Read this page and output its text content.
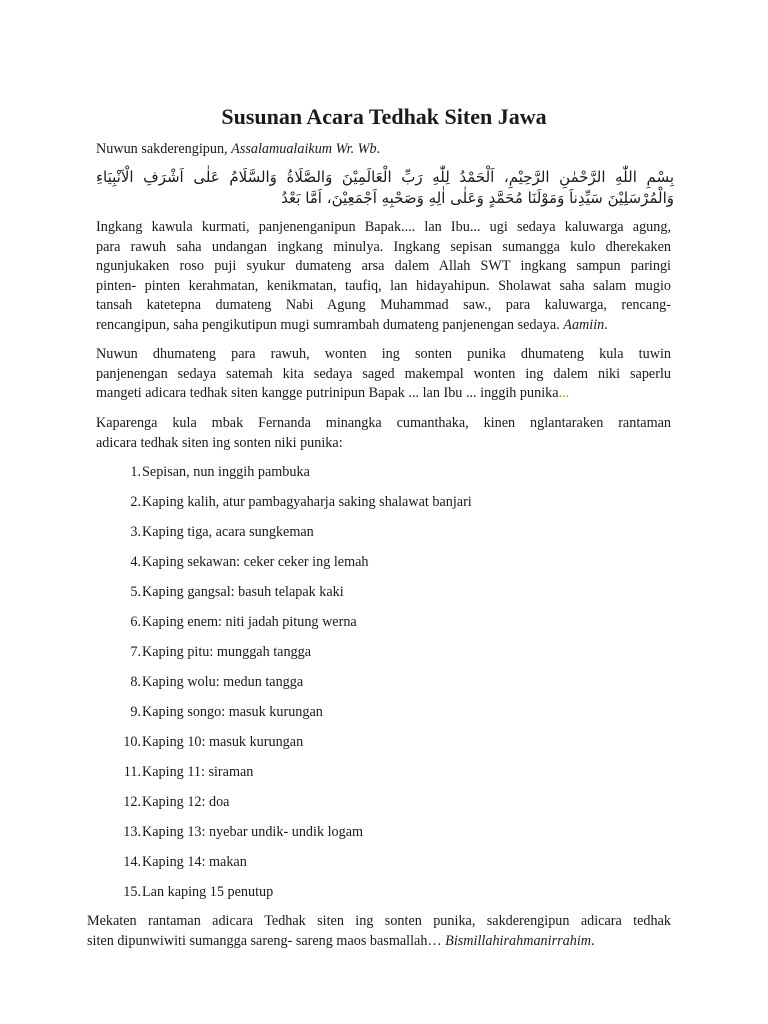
Susunan Acara Tedhak Siten Jawa

Nuwun sakderengipun, Assalamualaikum Wr. Wb.

بِسْمِ اللّٰهِ الرَّحْمٰنِ الرَّحِيْمِ، اَلْحَمْدُ لِلّٰهِ رَبِّ الْعَالَمِيْنَ وَالصَّلَاةُ وَالسَّلَامُ عَلٰى اَشْرَفِ الْاَنْبِيَاءِ وَالْمُرْسَلِيْنَ سَيِّدِناَ وَمَوْلَنَا مُحَمَّدٍ وَعَلٰى اٰلِهِ وَصَحْبِهِ اَجْمَعِيْنَ، اَمَّا بَعْدُ

Ingkang kawula kurmati, panjenenganipun Bapak.... lan Ibu... ugi sedaya kaluwarga agung,
para rawuh saha undangan ingkang minulya. Ingkang sepisan sumangga kulo dherekaken
ngunjukaken roso puji syukur dumateng arsa dalem Allah SWT ingkang sampun paringi
pinten- pinten kerahmatan, kenikmatan, taufiq, lan hidayahipun. Sholawat saha salam mugio
tansah katetepna dumateng Nabi Agung Muhammad saw., para kaluwarga, rencang-
rencangipun, saha pengikutipun mugi sumrambah dumateng panjenengan sedaya. Aamiin.
Nuwun dhumateng para rawuh, wonten ing sonten punika dhumateng kula tuwin
panjenengan sedaya satemah kita sedaya saged makempal wonten ing dalem niki saperlu
mangeti adicara tedhak siten kangge putrinipun Bapak ... lan Ibu ... inggih punika...
Kaparenga kula mbak Fernanda minangka cumanthaka, kinen nglantaraken rantaman
adicara tedhak siten ing sonten niki punika:
1. Sepisan, nun inggih pambuka
2. Kaping kalih, atur pambagyaharja saking shalawat banjari
3. Kaping tiga, acara sungkeman
4. Kaping sekawan: ceker ceker ing lemah
5. Kaping gangsal: basuh telapak kaki
6. Kaping enem: niti jadah pitung werna
7. Kaping pitu: munggah tangga
8. Kaping wolu: medun tangga
9. Kaping songo: masuk kurungan
10. Kaping 10: masuk kurungan
11. Kaping 11: siraman
12. Kaping 12: doa
13. Kaping 13: nyebar undik- undik logam
14. Kaping 14: makan
15. Lan kaping 15 penutup
Mekaten rantaman adicara Tedhak siten ing sonten punika, sakderengipun adicara tedhak
siten dipunwiwiti sumangga sareng- sareng maos basmallah… Bismillahirahmanirrahim.
